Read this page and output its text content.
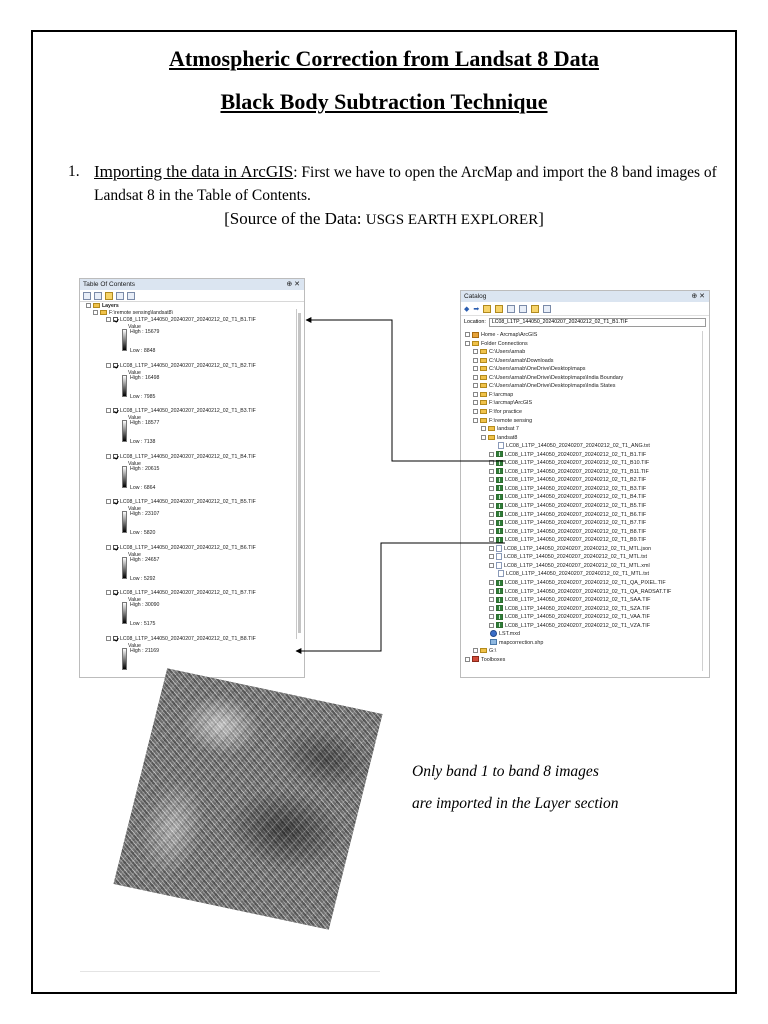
Atmospheric Correction from Landsat 8 Data
Black Body Subtraction Technique
1. Importing the data in ArcGIS: First we have to open the ArcMap and import the 8 band images of Landsat 8 in the Table of Contents.
[Source of the Data: USGS EARTH EXPLORER]
Table Of Contents	⊕ ✕
Layers
F:\remote sensing\landsat8\
LC08_L1TP_144050_20240207_20240212_02_T1_B1.TIF
Value
High : 15679
Low : 8848
LC08_L1TP_144050_20240207_20240212_02_T1_B2.TIF
Value
High : 16498
Low : 7985
LC08_L1TP_144050_20240207_20240212_02_T1_B3.TIF
Value
High : 18577
Low : 7138
LC08_L1TP_144050_20240207_20240212_02_T1_B4.TIF
Value
High : 20615
Low : 6864
LC08_L1TP_144050_20240207_20240212_02_T1_B5.TIF
Value
High : 23107
Low : 5820
LC08_L1TP_144050_20240207_20240212_02_T1_B6.TIF
Value
High : 24657
Low : 5292
LC08_L1TP_144050_20240207_20240212_02_T1_B7.TIF
Value
High : 30090
Low : 5175
LC08_L1TP_144050_20240207_20240212_02_T1_B8.TIF
Value
High : 21169
Catalog	⊕ ✕
◆ ➡
Location:	LC08_L1TP_144050_20240207_20240212_02_T1_B1.TIF
Home - Arcmap\ArcGIS
Folder Connections
C:\Users\arnab
C:\Users\arnab\Downloads
C:\Users\arnab\OneDrive\Desktop\maps
C:\Users\arnab\OneDrive\Desktop\maps\India Boundary
C:\Users\arnab\OneDrive\Desktop\maps\India States
F:\arcmap
F:\arcmap\ArcGIS
F:\for practice
F:\remote sensing
landsat 7
landsat8
LC08_L1TP_144050_20240207_20240212_02_T1_ANG.txt
LC08_L1TP_144050_20240207_20240212_02_T1_B1.TIF
LC08_L1TP_144050_20240207_20240212_02_T1_B10.TIF
LC08_L1TP_144050_20240207_20240212_02_T1_B11.TIF
LC08_L1TP_144050_20240207_20240212_02_T1_B2.TIF
LC08_L1TP_144050_20240207_20240212_02_T1_B3.TIF
LC08_L1TP_144050_20240207_20240212_02_T1_B4.TIF
LC08_L1TP_144050_20240207_20240212_02_T1_B5.TIF
LC08_L1TP_144050_20240207_20240212_02_T1_B6.TIF
LC08_L1TP_144050_20240207_20240212_02_T1_B7.TIF
LC08_L1TP_144050_20240207_20240212_02_T1_B8.TIF
LC08_L1TP_144050_20240207_20240212_02_T1_B9.TIF
LC08_L1TP_144050_20240207_20240212_02_T1_MTL.json
LC08_L1TP_144050_20240207_20240212_02_T1_MTL.txt
LC08_L1TP_144050_20240207_20240212_02_T1_MTL.xml
LC08_L1TP_144050_20240207_20240212_02_T1_MTL.txt
LC08_L1TP_144050_20240207_20240212_02_T1_QA_PIXEL.TIF
LC08_L1TP_144050_20240207_20240212_02_T1_QA_RADSAT.TIF
LC08_L1TP_144050_20240207_20240212_02_T1_SAA.TIF
LC08_L1TP_144050_20240207_20240212_02_T1_SZA.TIF
LC08_L1TP_144050_20240207_20240212_02_T1_VAA.TIF
LC08_L1TP_144050_20240207_20240212_02_T1_VZA.TIF
LST.mxd
mapcorrection.shp
G:\
Toolboxes
Only band 1 to band 8 images
are imported in the Layer section
